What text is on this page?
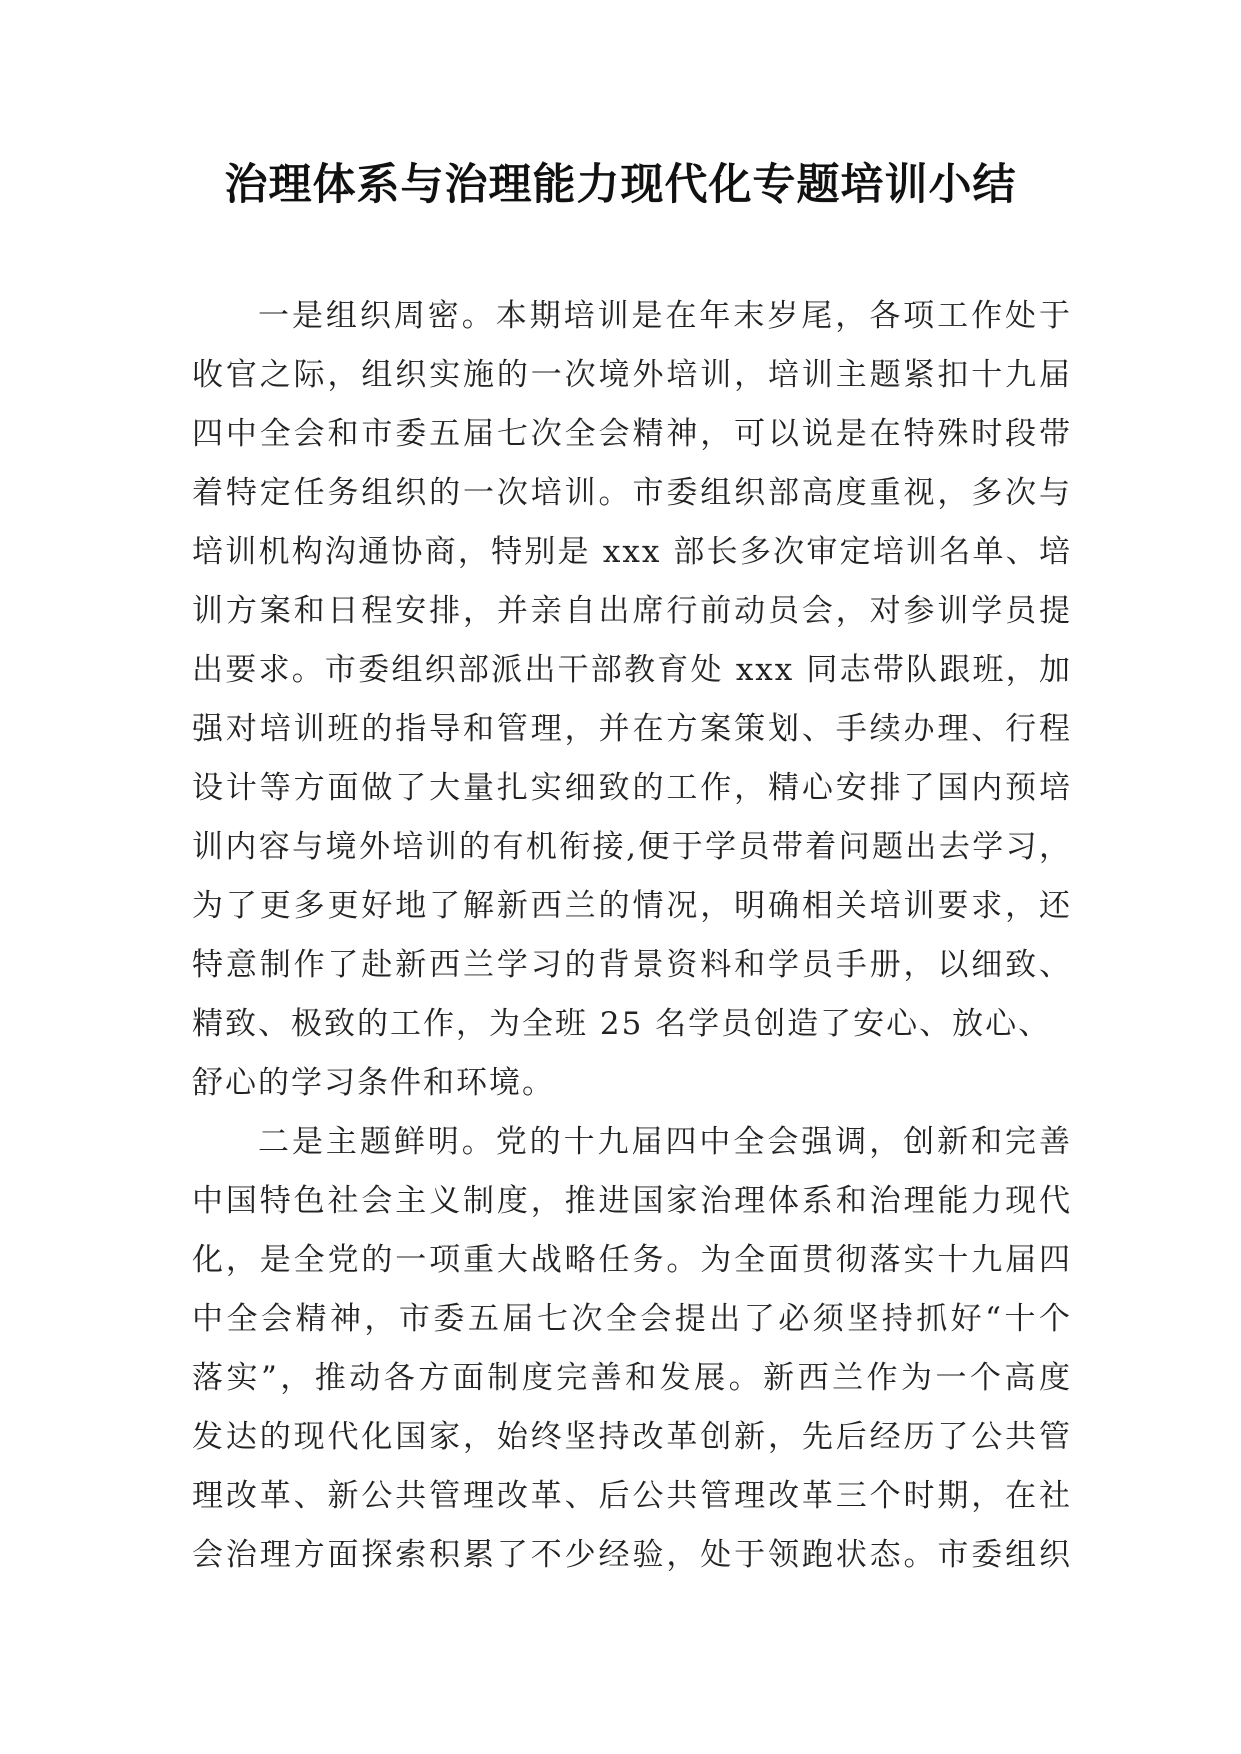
治理体系与治理能力现代化专题培训小结

一是组织周密。本期培训是在年末岁尾，各项工作处于
收官之际，组织实施的一次境外培训，培训主题紧扣十九届
四中全会和市委五届七次全会精神，可以说是在特殊时段带
着特定任务组织的一次培训。市委组织部高度重视，多次与
培训机构沟通协商，特别是 xxx 部长多次审定培训名单、培
训方案和日程安排，并亲自出席行前动员会，对参训学员提
出要求。市委组织部派出干部教育处 xxx 同志带队跟班，加
强对培训班的指导和管理，并在方案策划、手续办理、行程
设计等方面做了大量扎实细致的工作，精心安排了国内预培
训内容与境外培训的有机衔接,便于学员带着问题出去学习，
为了更多更好地了解新西兰的情况，明确相关培训要求，还
特意制作了赴新西兰学习的背景资料和学员手册，以细致、
精致、极致的工作，为全班 25 名学员创造了安心、放心、
舒心的学习条件和环境。

二是主题鲜明。党的十九届四中全会强调，创新和完善
中国特色社会主义制度，推进国家治理体系和治理能力现代
化，是全党的一项重大战略任务。为全面贯彻落实十九届四
中全会精神，市委五届七次全会提出了必须坚持抓好“十个
落实”，推动各方面制度完善和发展。新西兰作为一个高度
发达的现代化国家，始终坚持改革创新，先后经历了公共管
理改革、新公共管理改革、后公共管理改革三个时期，在社
会治理方面探索积累了不少经验，处于领跑状态。市委组织
